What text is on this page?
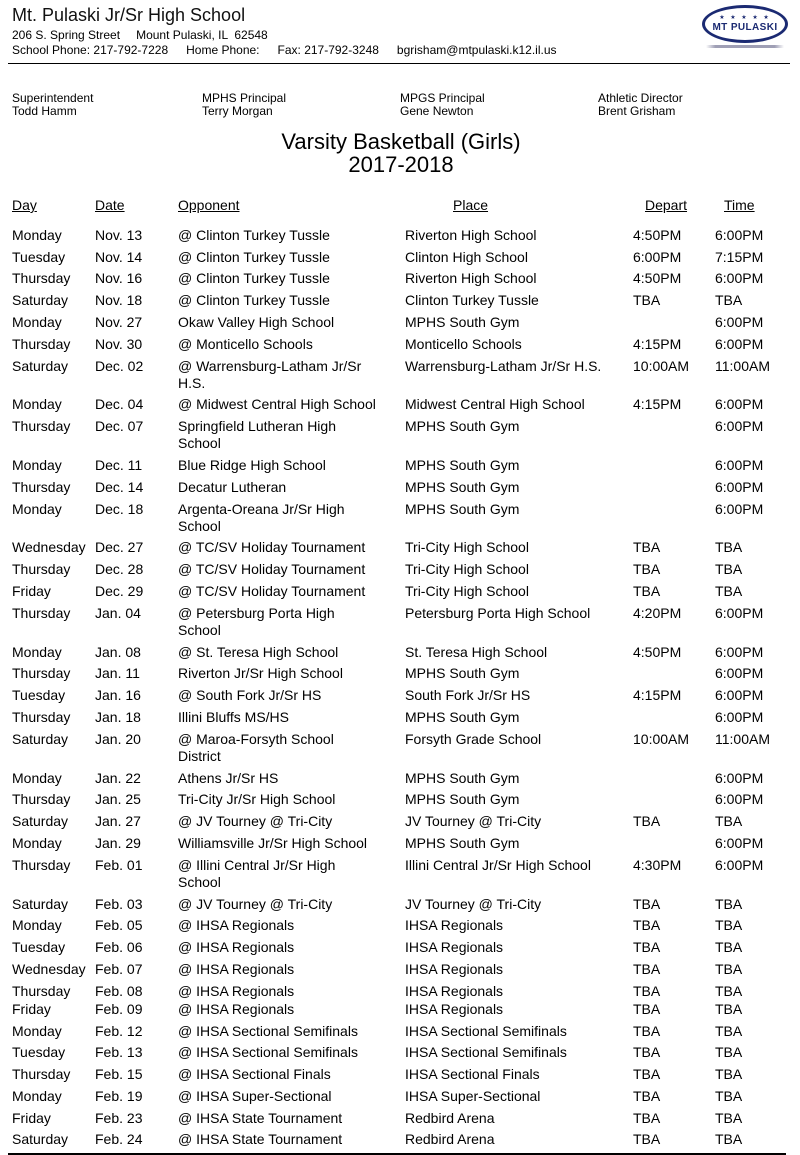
Mt. Pulaski Jr/Sr High School
206 S. Spring Street Mount Pulaski, IL  62548
School Phone: 217-792-7228 Home Phone: Fax: 217-792-3248 bgrisham@mtpulaski.k12.il.us
★ ★ ★ ★ ★
MT PULASKI
Superintendent
Todd Hamm
MPHS Principal
Terry Morgan
MPGS Principal
Gene Newton
Athletic Director
Brent Grisham
Varsity Basketball (Girls)
2017-2018
Day	Date	Opponent	Place	Depart	Time
Monday	Nov. 13	@ Clinton Turkey Tussle	Riverton High School	4:50PM	6:00PM
Tuesday	Nov. 14	@ Clinton Turkey Tussle	Clinton High School	6:00PM	7:15PM
Thursday	Nov. 16	@ Clinton Turkey Tussle	Riverton High School	4:50PM	6:00PM
Saturday	Nov. 18	@ Clinton Turkey Tussle	Clinton Turkey Tussle	TBA	TBA
Monday	Nov. 27	Okaw Valley High School	MPHS South Gym		6:00PM
Thursday	Nov. 30	@ Monticello Schools	Monticello Schools	4:15PM	6:00PM
Saturday	Dec. 02	@ Warrensburg-Latham Jr/Sr H.S.	Warrensburg-Latham Jr/Sr H.S.	10:00AM	11:00AM
Monday	Dec. 04	@ Midwest Central High School	Midwest Central High School	4:15PM	6:00PM
Thursday	Dec. 07	Springfield Lutheran High School	MPHS South Gym		6:00PM
Monday	Dec. 11	Blue Ridge High School	MPHS South Gym		6:00PM
Thursday	Dec. 14	Decatur Lutheran	MPHS South Gym		6:00PM
Monday	Dec. 18	Argenta-Oreana Jr/Sr High School	MPHS South Gym		6:00PM
Wednesday	Dec. 27	@ TC/SV Holiday Tournament	Tri-City High School	TBA	TBA
Thursday	Dec. 28	@ TC/SV Holiday Tournament	Tri-City High School	TBA	TBA
Friday	Dec. 29	@ TC/SV Holiday Tournament	Tri-City High School	TBA	TBA
Thursday	Jan. 04	@ Petersburg Porta High School	Petersburg Porta High School	4:20PM	6:00PM
Monday	Jan. 08	@ St. Teresa High School	St. Teresa High School	4:50PM	6:00PM
Thursday	Jan. 11	Riverton Jr/Sr High School	MPHS South Gym		6:00PM
Tuesday	Jan. 16	@ South Fork Jr/Sr HS	South Fork Jr/Sr HS	4:15PM	6:00PM
Thursday	Jan. 18	Illini Bluffs MS/HS	MPHS South Gym		6:00PM
Saturday	Jan. 20	@ Maroa-Forsyth School District	Forsyth Grade School	10:00AM	11:00AM
Monday	Jan. 22	Athens Jr/Sr HS	MPHS South Gym		6:00PM
Thursday	Jan. 25	Tri-City Jr/Sr High School	MPHS South Gym		6:00PM
Saturday	Jan. 27	@ JV Tourney @ Tri-City	JV Tourney @ Tri-City	TBA	TBA
Monday	Jan. 29	Williamsville Jr/Sr High School	MPHS South Gym		6:00PM
Thursday	Feb. 01	@ Illini Central Jr/Sr High School	Illini Central Jr/Sr High School	4:30PM	6:00PM
Saturday	Feb. 03	@ JV Tourney @ Tri-City	JV Tourney @ Tri-City	TBA	TBA
Monday	Feb. 05	@ IHSA Regionals	IHSA Regionals	TBA	TBA
Tuesday	Feb. 06	@ IHSA Regionals	IHSA Regionals	TBA	TBA
Wednesday	Feb. 07	@ IHSA Regionals	IHSA Regionals	TBA	TBA
Thursday	Feb. 08	@ IHSA Regionals	IHSA Regionals	TBA	TBA
Friday	Feb. 09	@ IHSA Regionals	IHSA Regionals	TBA	TBA
Monday	Feb. 12	@ IHSA Sectional Semifinals	IHSA Sectional Semifinals	TBA	TBA
Tuesday	Feb. 13	@ IHSA Sectional Semifinals	IHSA Sectional Semifinals	TBA	TBA
Thursday	Feb. 15	@ IHSA Sectional Finals	IHSA Sectional Finals	TBA	TBA
Monday	Feb. 19	@ IHSA Super-Sectional	IHSA Super-Sectional	TBA	TBA
Friday	Feb. 23	@ IHSA State Tournament	Redbird Arena	TBA	TBA
Saturday	Feb. 24	@ IHSA State Tournament	Redbird Arena	TBA	TBA
